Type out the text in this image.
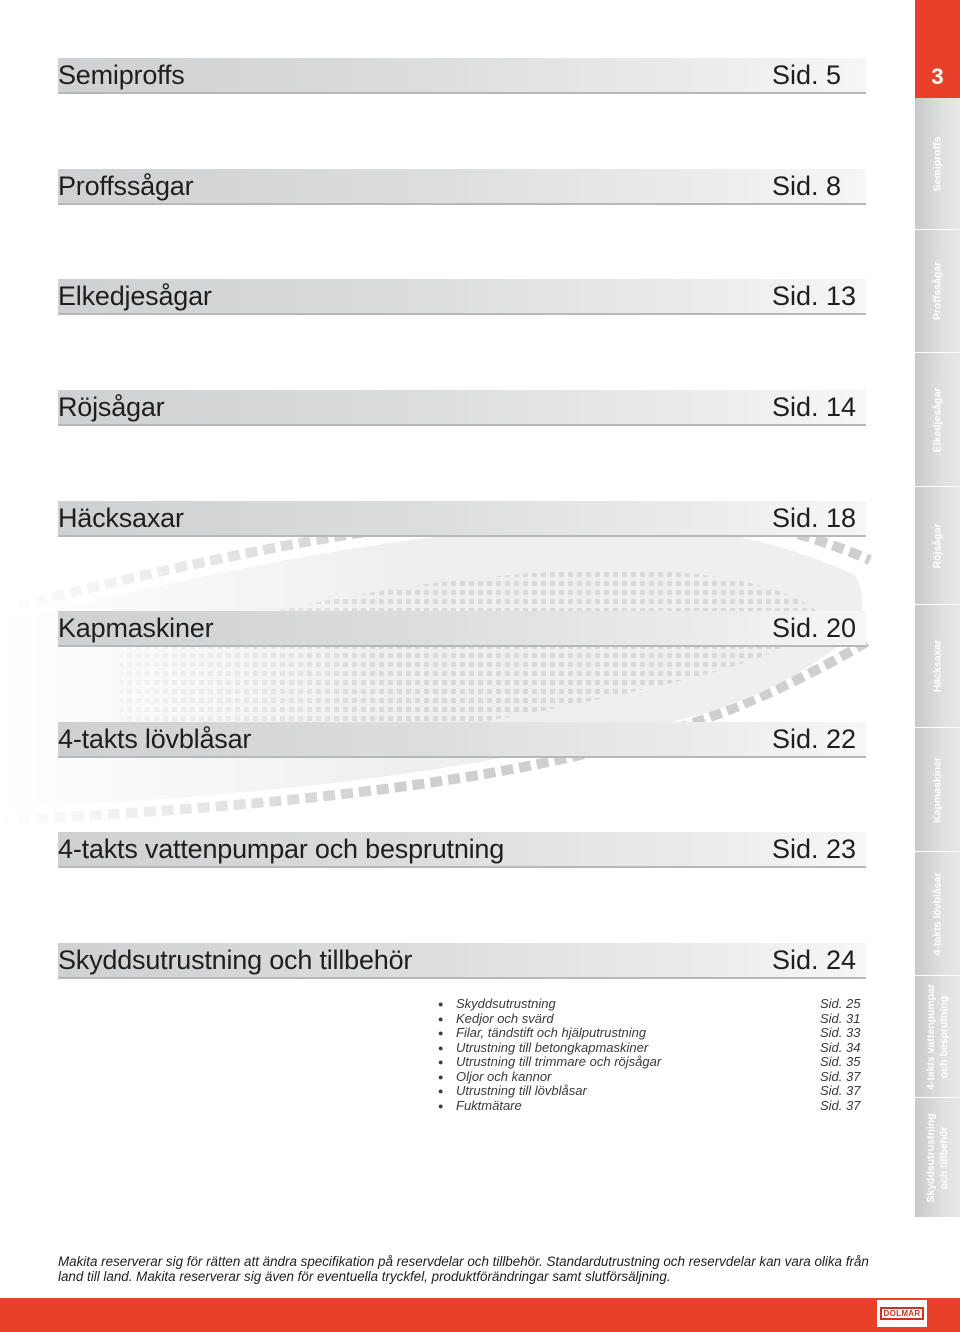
Semiproffs	Sid. 5
Proffssågar	Sid. 8
Elkedjesågar	Sid. 13
Röjsågar	Sid. 14
Häcksaxar	Sid. 18
Kapmaskiner	Sid. 20
4-takts lövblåsar	Sid. 22
4-takts vattenpumpar och besprutning	Sid. 23
Skyddsutrustning och tillbehör	Sid. 24
● Skyddsutrustning	Sid. 25
● Kedjor och svärd	Sid. 31
● Filar, tändstift och hjälputrustning	Sid. 33
● Utrustning till betongkapmaskiner	Sid. 34
● Utrustning till trimmare och röjsågar	Sid. 35
● Oljor och kannor	Sid. 37
● Utrustning till lövblåsar	Sid. 37
● Fuktmätare	Sid. 37
3
Semiproffs
Proffssågar
Elkedjesågar
Röjsågar
Häcksaxar
Kapmaskiner
4-takts lövblåsar
4-takts vattenpumpar
och besprutning
Skyddsutrustning
och tillbehör

Makita reserverar sig för rätten att ändra specifikation på reservdelar och tillbehör. Standardutrustning och reservdelar kan vara olika från land till land. Makita reserverar sig även för eventuella tryckfel, produktförändringar samt slutförsäljning.

DOLMAR
